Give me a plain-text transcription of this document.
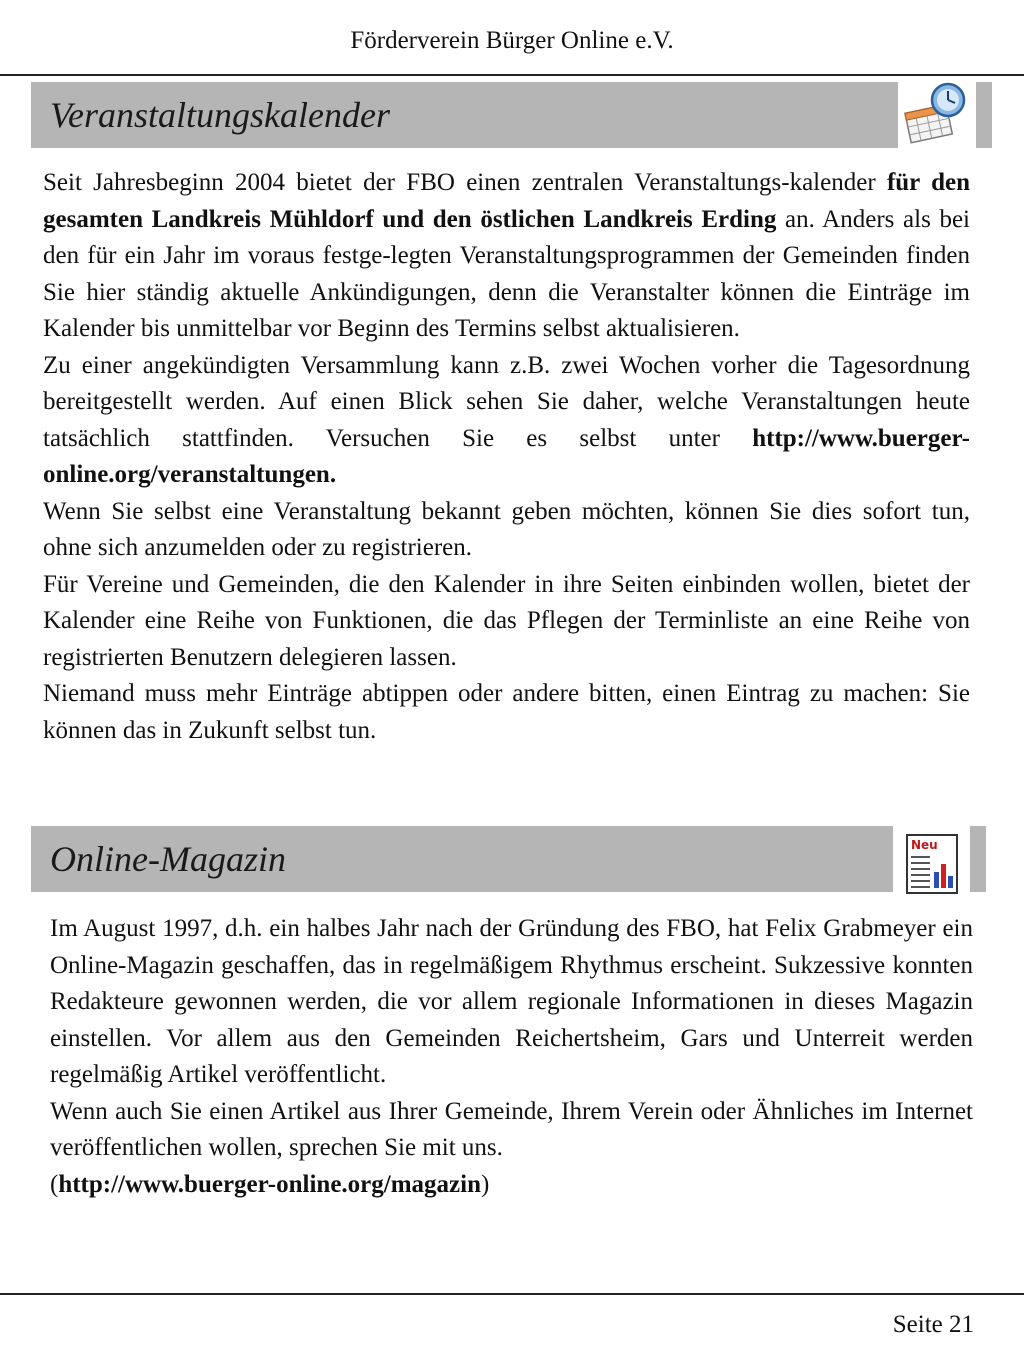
Förderverein Bürger Online e.V.
Veranstaltungskalender

Seit Jahresbeginn 2004 bietet der FBO einen zentralen Veranstaltungs-kalender für den gesamten Landkreis Mühldorf und den östlichen Landkreis Erding an. Anders als bei den für ein Jahr im voraus festge-legten Veranstaltungsprogrammen der Gemeinden finden Sie hier ständig aktuelle Ankündigungen, denn die Veranstalter können die Einträge im Kalender bis unmittelbar vor Beginn des Termins selbst aktualisieren.

Zu einer angekündigten Versammlung kann z.B. zwei Wochen vorher die Tagesordnung bereitgestellt werden. Auf einen Blick sehen Sie daher, welche Veranstaltungen heute tatsächlich stattfinden. Versuchen Sie es selbst unter http://www.buerger-online.org/veranstaltungen.

Wenn Sie selbst eine Veranstaltung bekannt geben möchten, können Sie dies sofort tun, ohne sich anzumelden oder zu registrieren.

Für Vereine und Gemeinden, die den Kalender in ihre Seiten einbinden wollen, bietet der Kalender eine Reihe von Funktionen, die das Pflegen der Terminliste an eine Reihe von registrierten Benutzern delegieren lassen.

Niemand muss mehr Einträge abtippen oder andere bitten, einen Eintrag zu machen: Sie können das in Zukunft selbst tun.

Online-Magazin	Neu

Im August 1997, d.h. ein halbes Jahr nach der Gründung des FBO, hat Felix Grabmeyer ein Online-Magazin geschaffen, das in regelmäßigem Rhythmus erscheint. Sukzessive konnten Redakteure gewonnen werden, die vor allem regionale Informationen in dieses Magazin einstellen. Vor allem aus den Gemeinden Reichertsheim, Gars und Unterreit werden regelmäßig Artikel veröffentlicht.

Wenn auch Sie einen Artikel aus Ihrer Gemeinde, Ihrem Verein oder Ähnliches im Internet veröffentlichen wollen, sprechen Sie mit uns.

(http://www.buerger-online.org/magazin)

Seite 21
